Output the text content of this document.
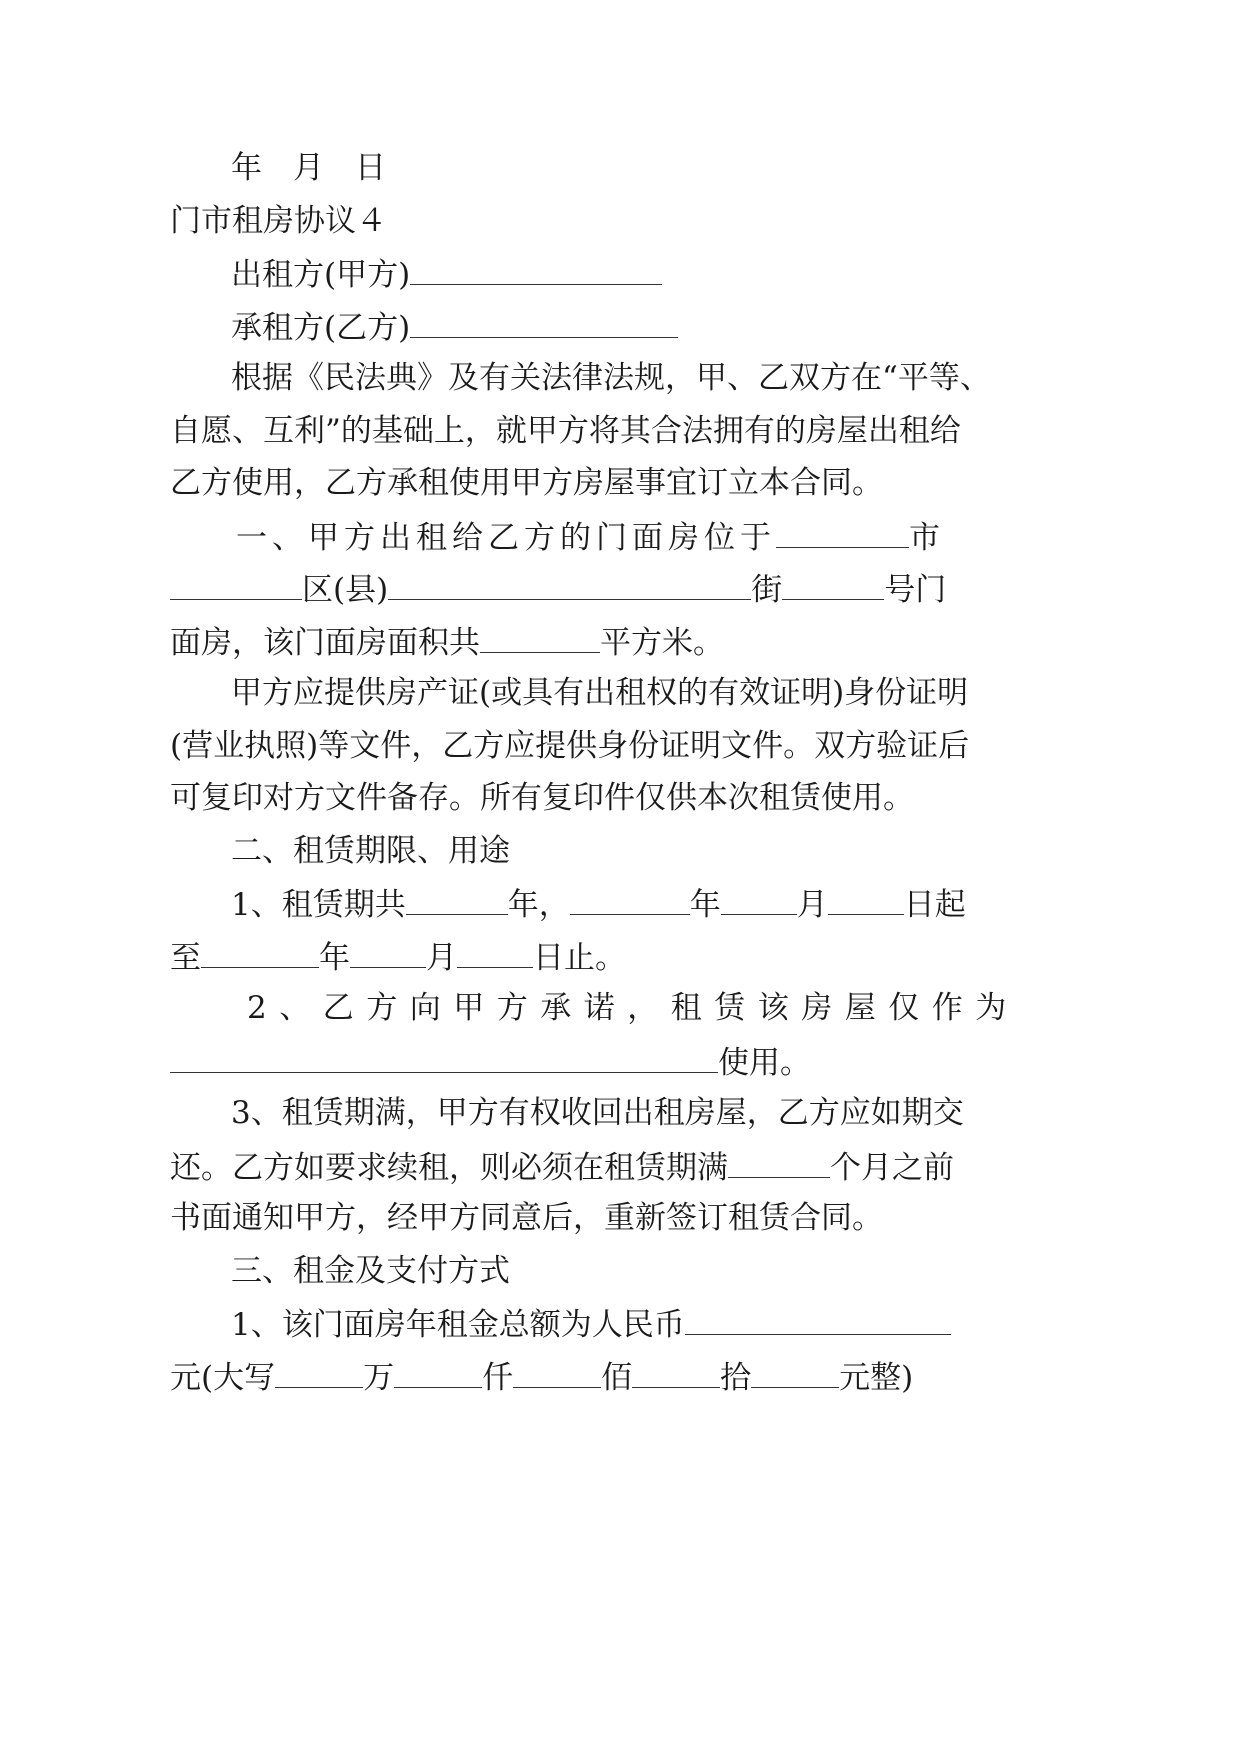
年　月　日
门市租房协议４
出租方(甲方)
承租方(乙方)
根据《民法典》及有关法律法规，甲、乙双方在“平等、
自愿、互利”的基础上，就甲方将其合法拥有的房屋出租给
乙方使用，乙方承租使用甲方房屋事宜订立本合同。
一、甲方出租给乙方的门面房位于	市
区(县)	街	号门
面房，该门面房面积共	平方米。
甲方应提供房产证(或具有出租权的有效证明)身份证明
(营业执照)等文件，乙方应提供身份证明文件。双方验证后
可复印对方文件备存。所有复印件仅供本次租赁使用。
二、租赁期限、用途
1、租赁期共	年，	年 月 日起
至	年 月 日止。
2、乙方向甲方承诺，租赁该房屋仅作为
使用。
3、租赁期满，甲方有权收回出租房屋，乙方应如期交
还。乙方如要求续租，则必须在租赁期满	个月之前
书面通知甲方，经甲方同意后，重新签订租赁合同。
三、租金及支付方式
1、该门面房年租金总额为人民币
元(大写	万	仟	佰	拾	元整)
